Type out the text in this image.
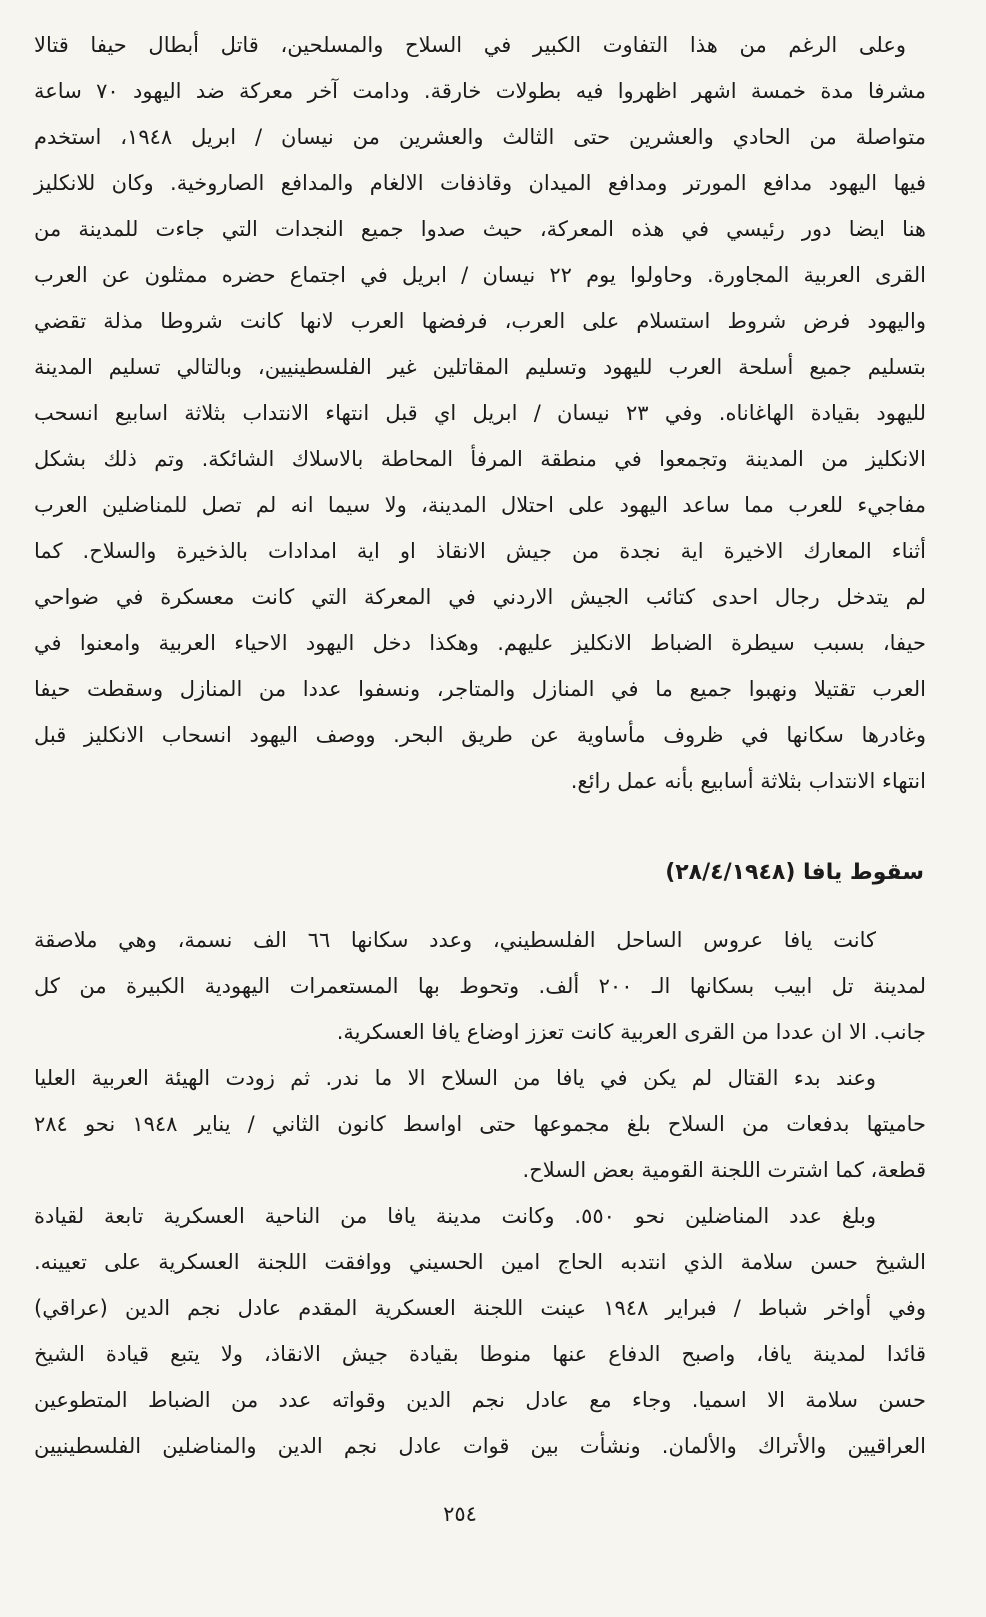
وعلى الرغم من هذا التفاوت الكبير في السلاح والمسلحين، قاتل أبطال حيفا قتالا
مشرفا مدة خمسة اشهر اظهروا فيه بطولات خارقة. ودامت آخر معركة ضد اليهود ٧٠ ساعة
متواصلة من الحادي والعشرين حتى الثالث والعشرين من نيسان / ابريل ١٩٤٨، استخدم
فيها اليهود مدافع المورتر ومدافع الميدان وقاذفات الالغام والمدافع الصاروخية. وكان للانكليز
هنا ايضا دور رئيسي في هذه المعركة، حيث صدوا جميع النجدات التي جاءت للمدينة من
القرى العربية المجاورة. وحاولوا يوم ٢٢ نيسان / ابريل في اجتماع حضره ممثلون عن العرب
واليهود فرض شروط استسلام على العرب، فرفضها العرب لانها كانت شروطا مذلة تقضي
بتسليم جميع أسلحة العرب لليهود وتسليم المقاتلين غير الفلسطينيين، وبالتالي تسليم المدينة
لليهود بقيادة الهاغاناه. وفي ٢٣ نيسان / ابريل اي قبل انتهاء الانتداب بثلاثة اسابيع انسحب
الانكليز من المدينة وتجمعوا في منطقة المرفأ المحاطة بالاسلاك الشائكة. وتم ذلك بشكل
مفاجيء للعرب مما ساعد اليهود على احتلال المدينة، ولا سيما انه لم تصل للمناضلين العرب
أثناء المعارك الاخيرة اية نجدة من جيش الانقاذ او اية امدادات بالذخيرة والسلاح. كما
لم يتدخل رجال احدى كتائب الجيش الاردني في المعركة التي كانت معسكرة في ضواحي
حيفا، بسبب سيطرة الضباط الانكليز عليهم. وهكذا دخل اليهود الاحياء العربية وامعنوا في
العرب تقتيلا ونهبوا جميع ما في المنازل والمتاجر، ونسفوا عددا من المنازل وسقطت حيفا
وغادرها سكانها في ظروف مأساوية عن طريق البحر. ووصف اليهود انسحاب الانكليز قبل
انتهاء الانتداب بثلاثة أسابيع بأنه عمل رائع.
سقوط يافا (٢٨/٤/١٩٤٨)
كانت يافا عروس الساحل الفلسطيني، وعدد سكانها ٦٦ الف نسمة، وهي ملاصقة
لمدينة تل ابيب بسكانها الـ ٢٠٠ ألف. وتحوط بها المستعمرات اليهودية الكبيرة من كل
جانب. الا ان عددا من القرى العربية كانت تعزز اوضاع يافا العسكرية.
وعند بدء القتال لم يكن في يافا من السلاح الا ما ندر. ثم زودت الهيئة العربية العليا
حاميتها بدفعات من السلاح بلغ مجموعها حتى اواسط كانون الثاني / يناير ١٩٤٨ نحو ٢٨٤
قطعة، كما اشترت اللجنة القومية بعض السلاح.
وبلغ عدد المناضلين نحو ٥٥٠. وكانت مدينة يافا من الناحية العسكرية تابعة لقيادة
الشيخ حسن سلامة الذي انتدبه الحاج امين الحسيني ووافقت اللجنة العسكرية على تعيينه.
وفي أواخر شباط / فبراير ١٩٤٨ عينت اللجنة العسكرية المقدم عادل نجم الدين (عراقي)
قائدا لمدينة يافا، واصبح الدفاع عنها منوطا بقيادة جيش الانقاذ، ولا يتبع قيادة الشيخ
حسن سلامة الا اسميا. وجاء مع عادل نجم الدين وقواته عدد من الضباط المتطوعين
العراقيين والأتراك والألمان. ونشأت بين قوات عادل نجم الدين والمناضلين الفلسطينيين
٢٥٤
